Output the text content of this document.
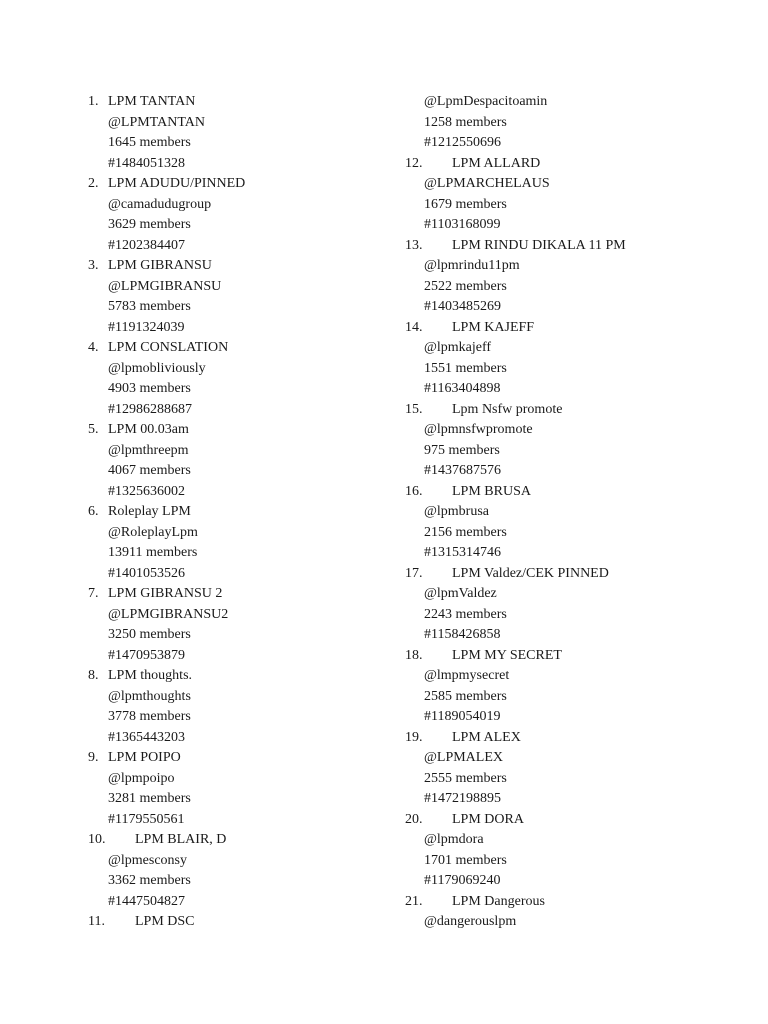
1. LPM TANTAN
@LPMTANTAN
1645 members
#1484051328
2. LPM ADUDU/PINNED
@camadudugroup
3629 members
#1202384407
3. LPM GIBRANSU
@LPMGIBRANSU
5783 members
#1191324039
4. LPM CONSLATION
@lpmobliviously
4903 members
#12986288687
5. LPM 00.03am
@lpmthreepm
4067 members
#1325636002
6. Roleplay LPM
@RoleplayLpm
13911 members
#1401053526
7. LPM GIBRANSU 2
@LPMGIBRANSU2
3250 members
#1470953879
8. LPM thoughts.
@lpmthoughts
3778 members
#1365443203
9. LPM POIPO
@lpmpoipo
3281 members
#1179550561
10. LPM BLAIR, D
@lpmesconsy
3362 members
#1447504827
11. LPM DSC
@LpmDespacitoamin
1258 members
#1212550696
12. LPM ALLARD
@LPMARCHELAUS
1679 members
#1103168099
13. LPM RINDU DIKALA 11 PM
@lpmrindu11pm
2522 members
#1403485269
14. LPM KAJEFF
@lpmkajeff
1551 members
#1163404898
15. Lpm Nsfw promote
@lpmnsfwpromote
975 members
#1437687576
16. LPM BRUSA
@lpmbrusa
2156 members
#1315314746
17. LPM Valdez/CEK PINNED
@lpmValdez
2243 members
#1158426858
18. LPM MY SECRET
@lmpmysecret
2585 members
#1189054019
19. LPM ALEX
@LPMALEX
2555 members
#1472198895
20. LPM DORA
@lpmdora
1701 members
#1179069240
21. LPM Dangerous
@dangerouslpm
